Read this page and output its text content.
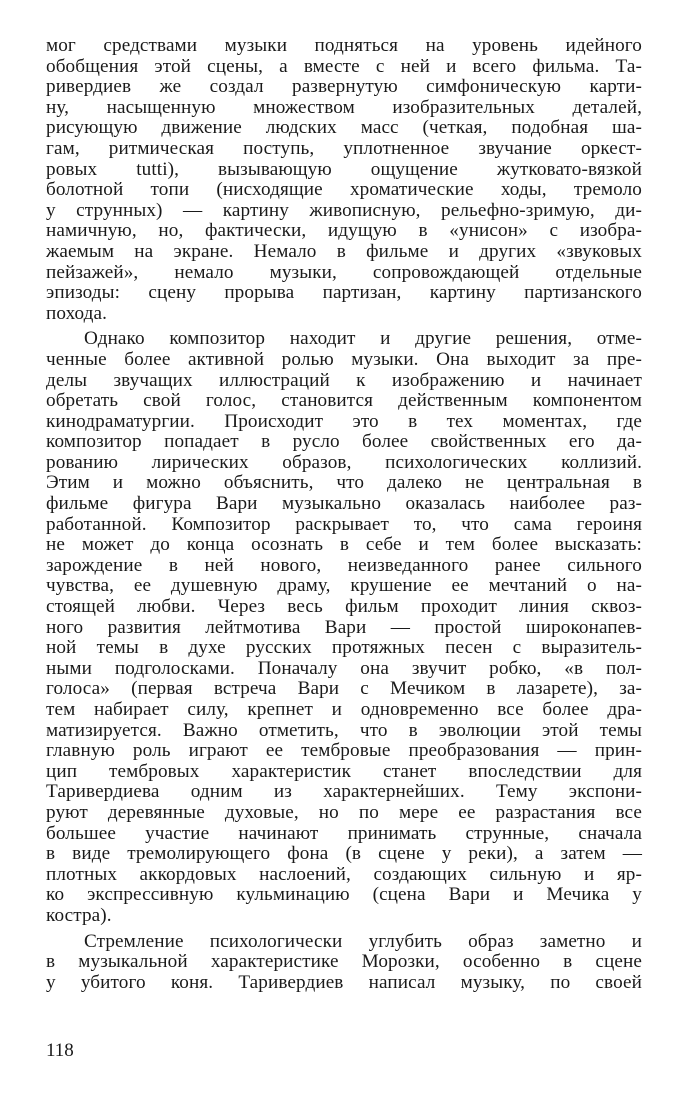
мог средствами музыки подняться на уровень идейного
обобщения этой сцены, а вместе с ней и всего фильма. Та-
ривердиев же создал развернутую симфоническую карти-
ну, насыщенную множеством изобразительных деталей,
рисующую движение людских масс (четкая, подобная ша-
гам, ритмическая поступь, уплотненное звучание оркест-
ровых tutti), вызывающую ощущение жутковато-вязкой
болотной топи (нисходящие хроматические ходы, тремоло
у струнных) — картину живописную, рельефно-зримую, ди-
намичную, но, фактически, идущую в «унисон» с изобра-
жаемым на экране. Немало в фильме и других «звуковых
пейзажей», немало музыки, сопровождающей отдельные
эпизоды: сцену прорыва партизан, картину партизанского
похода.
Однако композитор находит и другие решения, отме-
ченные более активной ролью музыки. Она выходит за пре-
делы звучащих иллюстраций к изображению и начинает
обретать свой голос, становится действенным компонентом
кинодраматургии. Происходит это в тех моментах, где
композитор попадает в русло более свойственных его да-
рованию лирических образов, психологических коллизий.
Этим и можно объяснить, что далеко не центральная в
фильме фигура Вари музыкально оказалась наиболее раз-
работанной. Композитор раскрывает то, что сама героиня
не может до конца осознать в себе и тем более высказать:
зарождение в ней нового, неизведанного ранее сильного
чувства, ее душевную драму, крушение ее мечтаний о на-
стоящей любви. Через весь фильм проходит линия сквоз-
ного развития лейтмотива Вари — простой широконапев-
ной темы в духе русских протяжных песен с выразитель-
ными подголосками. Поначалу она звучит робко, «в пол-
голоса» (первая встреча Вари с Мечиком в лазарете), за-
тем набирает силу, крепнет и одновременно все более дра-
матизируется. Важно отметить, что в эволюции этой темы
главную роль играют ее тембровые преобразования — прин-
цип тембровых характеристик станет впоследствии для
Таривердиева одним из характернейших. Тему экспони-
руют деревянные духовые, но по мере ее разрастания все
большее участие начинают принимать струнные, сначала
в виде тремолирующего фона (в сцене у реки), а затем —
плотных аккордовых наслоений, создающих сильную и яр-
ко экспрессивную кульминацию (сцена Вари и Мечика у
костра).
Стремление психологически углубить образ заметно и
в музыкальной характеристике Морозки, особенно в сцене
у убитого коня. Таривердиев написал музыку, по своей
118
